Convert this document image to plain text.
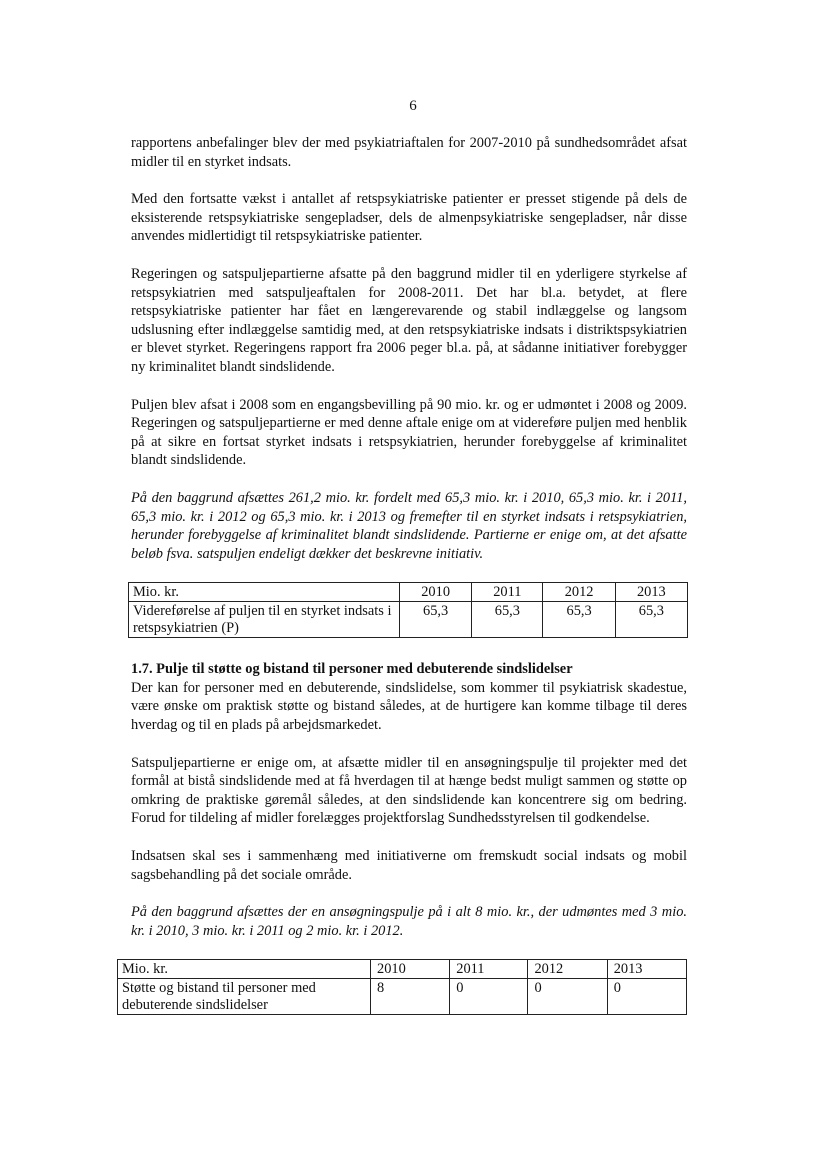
6

rapportens anbefalinger blev der med psykiatriaftalen for 2007-2010 på sundhedsområdet afsat midler til en styrket indsats.

Med den fortsatte vækst i antallet af retspsykiatriske patienter er presset stigende på dels de eksisterende retspsykiatriske sengepladser, dels de almenpsykiatriske sengepladser, når disse anvendes midlertidigt til retspsykiatriske patienter.

Regeringen og satspuljepartierne afsatte på den baggrund midler til en yderligere styrkelse af retspsykiatrien med satspuljeaftalen for 2008-2011. Det har bl.a. betydet, at flere retspsykiatriske patienter har fået en længerevarende og stabil indlæggelse og langsom udslusning efter indlæggelse samtidig med, at den retspsykiatriske indsats i distriktspsykiatrien er blevet styrket. Regeringens rapport fra 2006 peger bl.a. på, at sådanne initiativer forebygger ny kriminalitet blandt sindslidende.

Puljen blev afsat i 2008 som en engangsbevilling på 90 mio. kr. og er udmøntet i 2008 og 2009. Regeringen og satspuljepartierne er med denne aftale enige om at videreføre puljen med henblik på at sikre en fortsat styrket indsats i retspsykiatrien, herunder forebyggelse af kriminalitet blandt sindslidende.

På den baggrund afsættes 261,2 mio. kr. fordelt med 65,3 mio. kr. i 2010, 65,3 mio. kr. i 2011, 65,3 mio. kr. i 2012 og 65,3 mio. kr. i 2013 og fremefter til en styrket indsats i retspsykiatrien, herunder forebyggelse af kriminalitet blandt sindslidende. Partierne er enige om, at det afsatte beløb fsva. satspuljen endeligt dækker det beskrevne initiativ.

Mio. kr.	2010	2011	2012	2013
Videreførelse af puljen til en styrket indsats i retspsykiatrien (P)	65,3	65,3	65,3	65,3
1.7. Pulje til støtte og bistand til personer med debuterende sindslidelser

Der kan for personer med en debuterende, sindslidelse, som kommer til psykiatrisk skadestue, være ønske om praktisk støtte og bistand således, at de hurtigere kan komme tilbage til deres hverdag og til en plads på arbejdsmarkedet.

Satspuljepartierne er enige om, at afsætte midler til en ansøgningspulje til projekter med det formål at bistå sindslidende med at få hverdagen til at hænge bedst muligt sammen og støtte op omkring de praktiske gøremål således, at den sindslidende kan koncentrere sig om bedring. Forud for tildeling af midler forelægges projektforslag Sundhedsstyrelsen til godkendelse.

Indsatsen skal ses i sammenhæng med initiativerne om fremskudt social indsats og mobil sagsbehandling på det sociale område.

På den baggrund afsættes der en ansøgningspulje på i alt 8 mio. kr., der udmøntes med 3 mio. kr. i 2010, 3 mio. kr. i 2011 og 2 mio. kr. i 2012.

Mio. kr.	2010	2011	2012	2013
Støtte og bistand til personer med debuterende sindslidelser	8	0	0	0
